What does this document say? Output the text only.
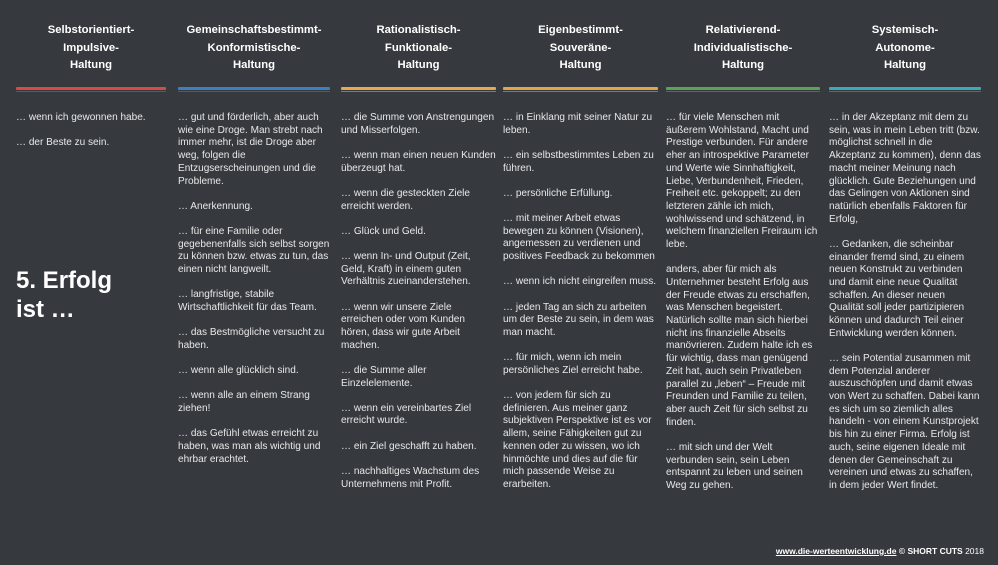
5. Erfolg
ist …
Selbstorientiert-
Impulsive-
Haltung

… wenn ich gewonnen habe.

… der Beste zu sein.

Gemeinschaftsbestimmt-
Konformistische-
Haltung

… gut und förderlich, aber auch wie eine Droge. Man strebt nach immer mehr, ist die Droge aber weg, folgen die Entzugserscheinungen und die Probleme.

… Anerkennung.

… für eine Familie oder gegebenenfalls sich selbst sorgen zu können bzw. etwas zu tun, das einen nicht langweilt.

… langfristige, stabile Wirtschaftlichkeit für das Team.

… das Bestmögliche versucht zu haben.

… wenn alle glücklich sind.

… wenn alle an einem Strang ziehen!

… das Gefühl etwas erreicht zu haben, was man als wichtig und ehrbar erachtet.

Rationalistisch-
Funktionale-
Haltung

… die Summe von Anstrengungen und Misserfolgen.

… wenn man einen neuen Kunden überzeugt hat.

… wenn die gesteckten Ziele erreicht werden.

… Glück und Geld.

… wenn In- und Output (Zeit, Geld, Kraft) in einem guten Verhältnis zueinanderstehen.

… wenn wir unsere Ziele erreichen oder vom Kunden hören, dass wir gute Arbeit machen.

… die Summe aller Einzelelemente.

… wenn ein vereinbartes Ziel erreicht wurde.

… ein Ziel geschafft zu haben.

… nachhaltiges Wachstum des Unternehmens mit Profit.

Eigenbestimmt-
Souveräne-
Haltung

… in Einklang mit seiner Natur zu leben.

… ein selbstbestimmtes Leben zu führen.

… persönliche Erfüllung.

… mit meiner Arbeit etwas bewegen zu können (Visionen), angemessen zu verdienen und positives Feedback zu bekommen

… wenn ich nicht eingreifen muss.

… jeden Tag an sich zu arbeiten um der Beste zu sein, in dem was man macht.

… für mich, wenn ich mein persönliches Ziel erreicht habe.

… von jedem für sich zu definieren. Aus meiner ganz subjektiven Perspektive ist es vor allem, seine Fähigkeiten gut zu kennen oder zu wissen, wo ich hinmöchte und dies auf die für mich passende Weise zu erarbeiten.

Relativierend-
Individualistische-
Haltung

… für viele Menschen mit äußerem Wohlstand, Macht und Prestige verbunden. Für andere eher an introspektive Parameter und Werte wie Sinnhaftigkeit, Liebe, Verbundenheit, Frieden, Freiheit etc. gekoppelt; zu den letzteren zähle ich mich, wohlwissend und schätzend, in welchem finanziellen Freiraum ich lebe.

anders, aber für mich als Unternehmer besteht Erfolg aus der Freude etwas zu erschaffen, was Menschen begeistert. Natürlich sollte man sich hierbei nicht ins finanzielle Abseits manövrieren. Zudem halte ich es für wichtig, dass man genügend Zeit hat, auch sein Privatleben parallel zu „leben“ – Freude mit Freunden und Familie zu teilen, aber auch Zeit für sich selbst zu finden.

… mit sich und der Welt verbunden sein, sein Leben entspannt zu leben und seinen Weg zu gehen.

Systemisch-
Autonome-
Haltung

… in der Akzeptanz mit dem zu sein, was in mein Leben tritt (bzw. möglichst schnell in die Akzeptanz zu kommen), denn das macht meiner Meinung nach glücklich. Gute Beziehungen und das Gelingen von Aktionen sind natürlich ebenfalls Faktoren für Erfolg,

… Gedanken, die scheinbar einander fremd sind, zu einem neuen Konstrukt zu verbinden und damit eine neue Qualität schaffen. An dieser neuen Qualität soll jeder partizipieren können und dadurch Teil einer Entwicklung werden können.

… sein Potential zusammen mit dem Potenzial anderer auszuschöpfen und damit etwas von Wert zu schaffen. Dabei kann es sich um so ziemlich alles handeln - von einem Kunstprojekt bis hin zu einer Firma. Erfolg ist auch, seine eigenen Ideale mit denen der Gemeinschaft zu vereinen und etwas zu schaffen, in dem jeder Wert findet.

www.die-werteentwicklung.de © SHORT CUTS 2018
